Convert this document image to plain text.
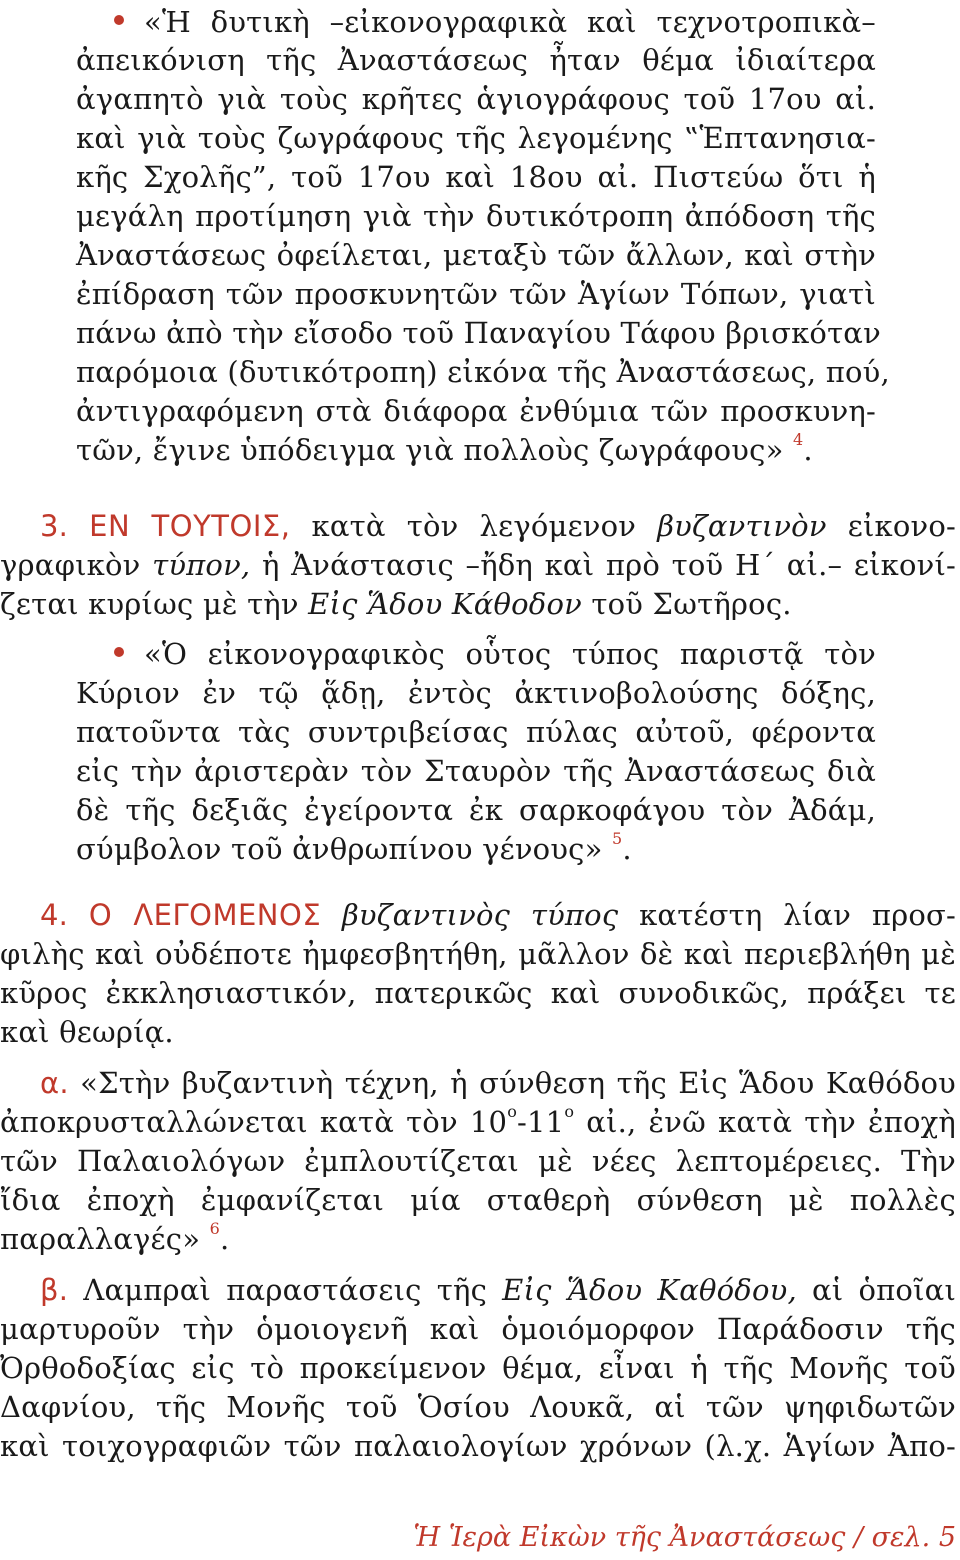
«Ἡ δυτικὴ –εἰκονογραφικὰ καὶ τεχνοτροπικὰ–
ἀπεικόνιση τῆς Ἀναστάσεως ἦταν θέμα ἰδιαίτερα
ἀγαπητὸ γιὰ τοὺς κρῆτες ἁγιογράφους τοῦ 17ου αἰ.
καὶ γιὰ τοὺς ζωγράφους τῆς λεγομένης ‟Ἑπτανησια-
κῆς Σχολῆς”, τοῦ 17ου καὶ 18ου αἰ. Πιστεύω ὅτι ἡ
μεγάλη προτίμηση γιὰ τὴν δυτικότροπη ἀπόδοση τῆς
Ἀναστάσεως ὀφείλεται, μεταξὺ τῶν ἄλλων, καὶ στὴν
ἐπίδραση τῶν προσκυνητῶν τῶν Ἁγίων Τόπων, γιατὶ
πάνω ἀπὸ τὴν εἴσοδο τοῦ Παναγίου Τάφου βρισκόταν
παρόμοια (δυτικότροπη) εἰκόνα τῆς Ἀναστάσεως, πού,
ἀντιγραφόμενη στὰ διάφορα ἐνθύμια τῶν προσκυνη-
τῶν, ἔγινε ὑπόδειγμα γιὰ πολλοὺς ζωγράφους» $^4$.
3. ΕΝ ΤΟΥΤΟΙΣ, κατὰ τὸν λεγόμενον βυζαντινὸν εἰκονο-
γραφικὸν τύπον, ἡ Ἀνάστασις –ἤδη καὶ πρὸ τοῦ Η΄ αἰ.– εἰκονί-
ζεται κυρίως μὲ τὴν Εἰς Ἅδου Κάθοδον τοῦ Σωτῆρος.
«Ὁ εἰκονογραφικὸς οὗτος τύπος παριστᾷ τὸν
Κύριον ἐν τῷ ᾅδῃ, ἐντὸς ἀκτινοβολούσης δόξης,
πατοῦντα τὰς συντριβείσας πύλας αὐτοῦ, φέροντα
εἰς τὴν ἀριστερὰν τὸν Σταυρὸν τῆς Ἀναστάσεως διὰ
δὲ τῆς δεξιᾶς ἐγείροντα ἐκ σαρκοφάγου τὸν Ἀδάμ,
σύμβολον τοῦ ἀνθρωπίνου γένους» $^5$.
4. Ο ΛΕΓΟΜΕΝΟΣ βυζαντινὸς τύπος κατέστη λίαν προσ-
φιλὴς καὶ οὐδέποτε ἠμφεσβητήθη, μᾶλλον δὲ καὶ περιεβλήθη μὲ
κῦρος ἐκκλησιαστικόν, πατερικῶς καὶ συνοδικῶς, πράξει τε
καὶ θεωρίᾳ.
α. «Στὴν βυζαντινὴ τέχνη, ἡ σύνθεση τῆς Εἰς Ἅδου Καθόδου
ἀποκρυσταλλώνεται κατὰ τὸν $10^o-11^o$ αἰ., ἐνῶ κατὰ τὴν ἐποχὴ
τῶν Παλαιολόγων ἐμπλουτίζεται μὲ νέες λεπτομέρειες. Τὴν
ἴδια ἐποχὴ ἐμφανίζεται μία σταθερὴ σύνθεση μὲ πολλὲς
παραλλαγές» $^6$.
β. Λαμπραὶ παραστάσεις τῆς Εἰς Ἅδου Καθόδου, αἱ ὁποῖαι
μαρτυροῦν τὴν ὁμοιογενῆ καὶ ὁμοιόμορφον Παράδοσιν τῆς
Ὀρθοδοξίας εἰς τὸ προκείμενον θέμα, εἶναι ἡ τῆς Μονῆς τοῦ
Δαφνίου, τῆς Μονῆς τοῦ Ὁσίου Λουκᾶ, αἱ τῶν ψηφιδωτῶν
καὶ τοιχογραφιῶν τῶν παλαιολογίων χρόνων (λ.χ. Ἁγίων Ἀπο-
Ἡ Ἱερὰ Εἰκὼν τῆς Ἀναστάσεως / σελ. 5
